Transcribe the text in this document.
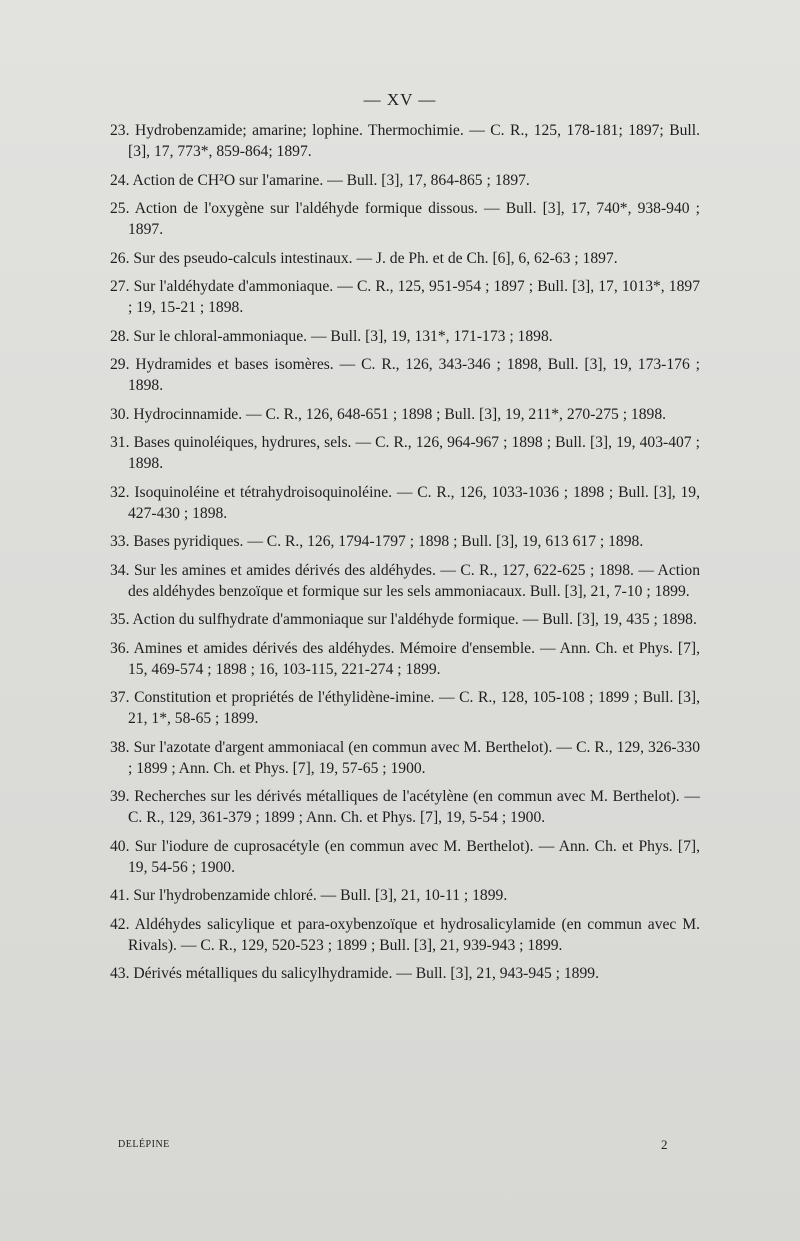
— XV —
23. Hydrobenzamide; amarine; lophine. Thermochimie. — C. R., 125, 178-181; 1897; Bull. [3], 17, 773*, 859-864; 1897.
24. Action de CH²O sur l'amarine. — Bull. [3], 17, 864-865 ; 1897.
25. Action de l'oxygène sur l'aldéhyde formique dissous. — Bull. [3], 17, 740*, 938-940 ; 1897.
26. Sur des pseudo-calculs intestinaux. — J. de Ph. et de Ch. [6], 6, 62-63 ; 1897.
27. Sur l'aldéhydate d'ammoniaque. — C. R., 125, 951-954 ; 1897 ; Bull. [3], 17, 1013*, 1897 ; 19, 15-21 ; 1898.
28. Sur le chloral-ammoniaque. — Bull. [3], 19, 131*, 171-173 ; 1898.
29. Hydramides et bases isomères. — C. R., 126, 343-346 ; 1898, Bull. [3], 19, 173-176 ; 1898.
30. Hydrocinnamide. — C. R., 126, 648-651 ; 1898 ; Bull. [3], 19, 211*, 270-275 ; 1898.
31. Bases quinoléiques, hydrures, sels. — C. R., 126, 964-967 ; 1898 ; Bull. [3], 19, 403-407 ; 1898.
32. Isoquinoléine et tétrahydroisoquinoléine. — C. R., 126, 1033-1036 ; 1898 ; Bull. [3], 19, 427-430 ; 1898.
33. Bases pyridiques. — C. R., 126, 1794-1797 ; 1898 ; Bull. [3], 19, 613 617 ; 1898.
34. Sur les amines et amides dérivés des aldéhydes. — C. R., 127, 622-625 ; 1898. — Action des aldéhydes benzoïque et formique sur les sels ammoniacaux. Bull. [3], 21, 7-10 ; 1899.
35. Action du sulfhydrate d'ammoniaque sur l'aldéhyde formique. — Bull. [3], 19, 435 ; 1898.
36. Amines et amides dérivés des aldéhydes. Mémoire d'ensemble. — Ann. Ch. et Phys. [7], 15, 469-574 ; 1898 ; 16, 103-115, 221-274 ; 1899.
37. Constitution et propriétés de l'éthylidène-imine. — C. R., 128, 105-108 ; 1899 ; Bull. [3], 21, 1*, 58-65 ; 1899.
38. Sur l'azotate d'argent ammoniacal (en commun avec M. Berthelot). — C. R., 129, 326-330 ; 1899 ; Ann. Ch. et Phys. [7], 19, 57-65 ; 1900.
39. Recherches sur les dérivés métalliques de l'acétylène (en commun avec M. Berthelot). — C. R., 129, 361-379 ; 1899 ; Ann. Ch. et Phys. [7], 19, 5-54 ; 1900.
40. Sur l'iodure de cuprosacétyle (en commun avec M. Berthelot). — Ann. Ch. et Phys. [7], 19, 54-56 ; 1900.
41. Sur l'hydrobenzamide chloré. — Bull. [3], 21, 10-11 ; 1899.
42. Aldéhydes salicylique et para-oxybenzoïque et hydrosalicylamide (en commun avec M. Rivals). — C. R., 129, 520-523 ; 1899 ; Bull. [3], 21, 939-943 ; 1899.
43. Dérivés métalliques du salicylhydramide. — Bull. [3], 21, 943-945 ; 1899.
DELÉPINE	2
